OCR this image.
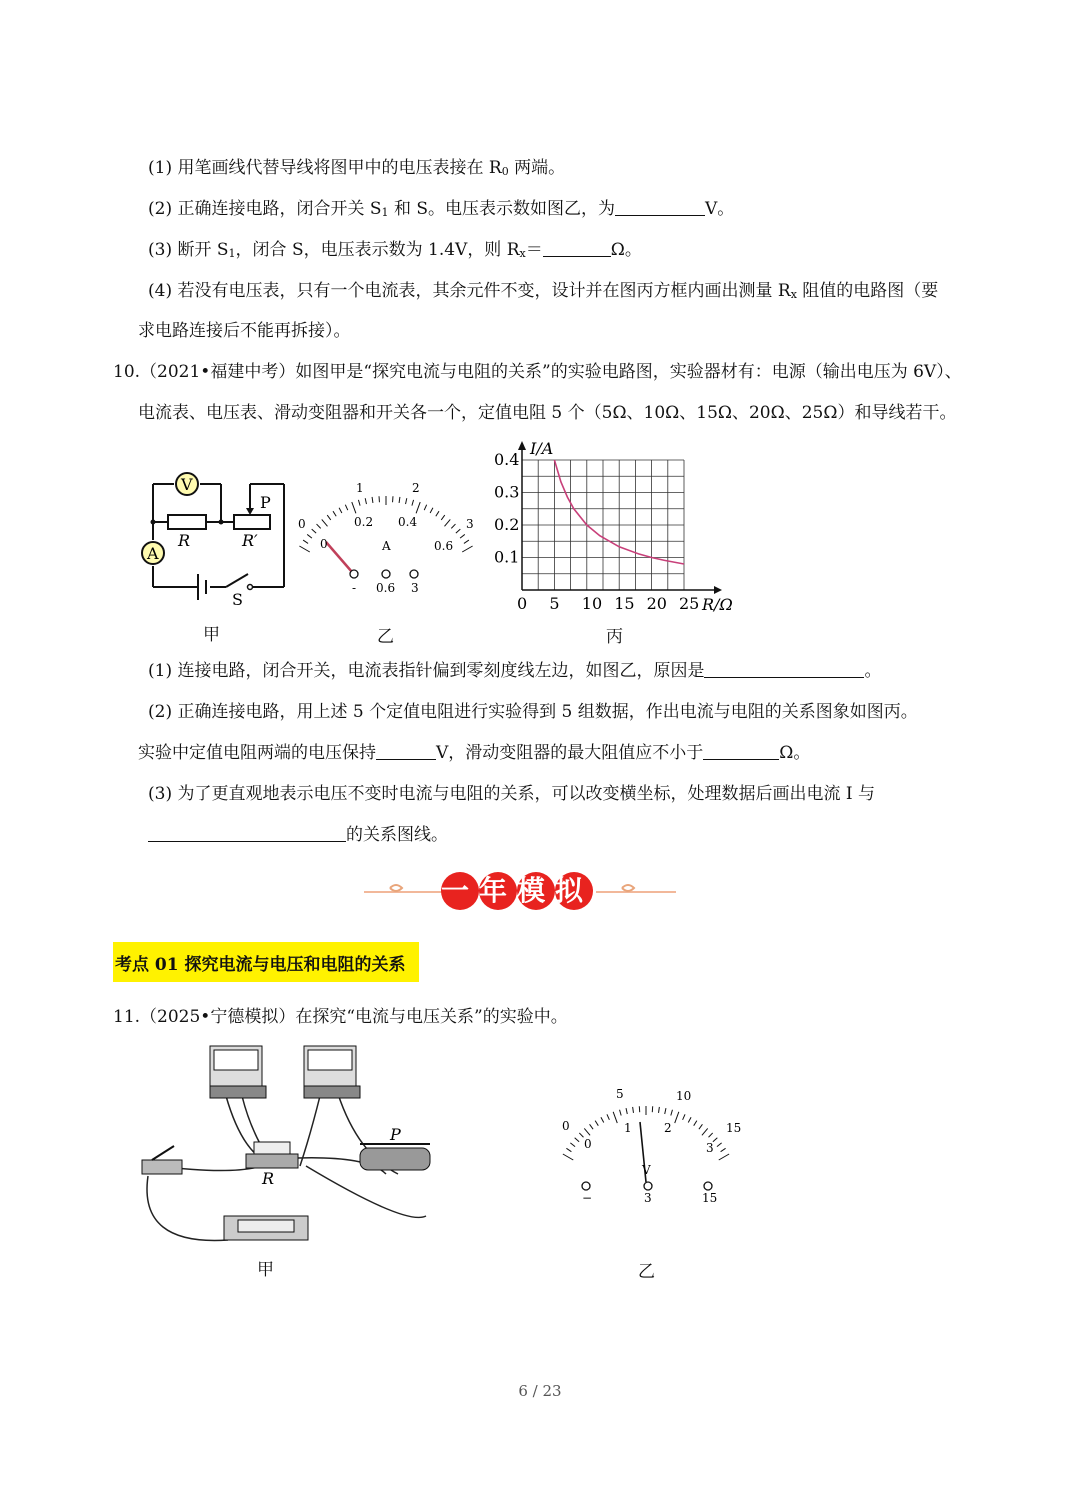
(1) 用笔画线代替导线将图甲中的电压表接在 R0 两端。
(2) 正确连接电路，闭合开关 S1 和 S。电压表示数如图乙，为	V。
(3) 断开 S1，闭合 S，电压表示数为 1.4V，则 Rx＝	Ω。
(4) 若没有电压表，只有一个电流表，其余元件不变，设计并在图丙方框内画出测量 Rx 阻值的电路图（要
求电路连接后不能再拆接）。
10.（2021•福建中考）如图甲是“探究电流与电阻的关系”的实验电路图，实验器材有：电源（输出电压为 6V）、
电流表、电压表、滑动变阻器和开关各一个，定值电阻 5 个（5Ω、10Ω、15Ω、20Ω、25Ω）和导线若干。
V
A
R	R′
P
S
甲
0
1	2
3
0.2 0.4
0.6
0	A
- 0.6 3
乙
0 5 10 15 20 25
0.1
0.2
0.3
0.4
I/A
R/Ω
丙
(1) 连接电路，闭合开关，电流表指针偏到零刻度线左边，如图乙，原因是	。
(2) 正确连接电路，用上述 5 个定值电阻进行实验得到 5 组数据，作出电流与电阻的关系图象如图丙。
实验中定值电阻两端的电压保持	V，滑动变阻器的最大阻值应不小于	Ω。
(3) 为了更直观地表示电压不变时电流与电阻的关系，可以改变横坐标，处理数据后画出电流 I 与
的关系图线。
一年模拟
考点 01 探究电流与电压和电阻的关系
11.（2025•宁德模拟）在探究“电流与电压关系”的实验中。
P
R
甲
0
5	10
15
0
1	2
3
V
−	3	15
乙
6 / 23
